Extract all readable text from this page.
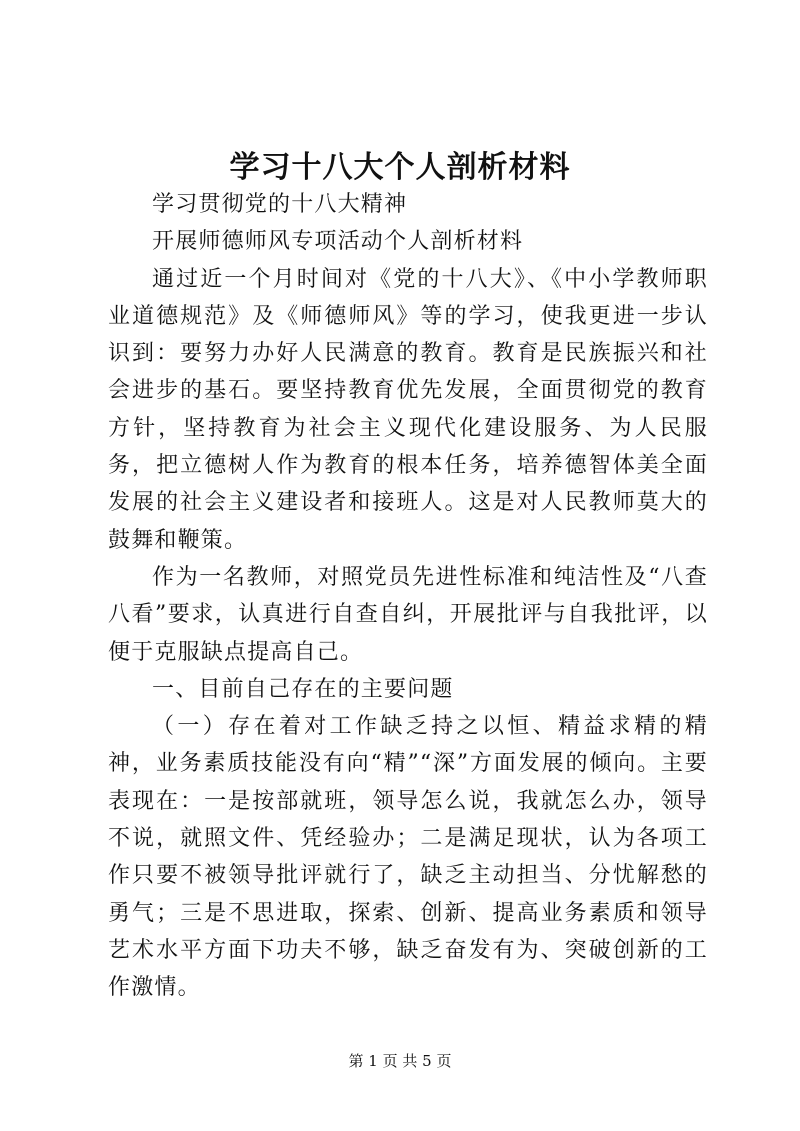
学习十八大个人剖析材料

学习贯彻党的十八大精神

开展师德师风专项活动个人剖析材料

通过近一个月时间对《党的十八大》、《中小学教师职业道德规范》及《师德师风》等的学习，使我更进一步认识到：要努力办好人民满意的教育。教育是民族振兴和社会进步的基石。要坚持教育优先发展，全面贯彻党的教育方针，坚持教育为社会主义现代化建设服务、为人民服务，把立德树人作为教育的根本任务，培养德智体美全面发展的社会主义建设者和接班人。这是对人民教师莫大的鼓舞和鞭策。

作为一名教师，对照党员先进性标准和纯洁性及“八查八看”要求，认真进行自查自纠，开展批评与自我批评，以便于克服缺点提高自己。

一、目前自己存在的主要问题

（一）存在着对工作缺乏持之以恒、精益求精的精神，业务素质技能没有向“精”“深”方面发展的倾向。主要表现在：一是按部就班，领导怎么说，我就怎么办，领导不说，就照文件、凭经验办；二是满足现状，认为各项工作只要不被领导批评就行了，缺乏主动担当、分忧解愁的勇气；三是不思进取，探索、创新、提高业务素质和领导艺术水平方面下功夫不够，缺乏奋发有为、突破创新的工作激情。

第 1 页 共 5 页
